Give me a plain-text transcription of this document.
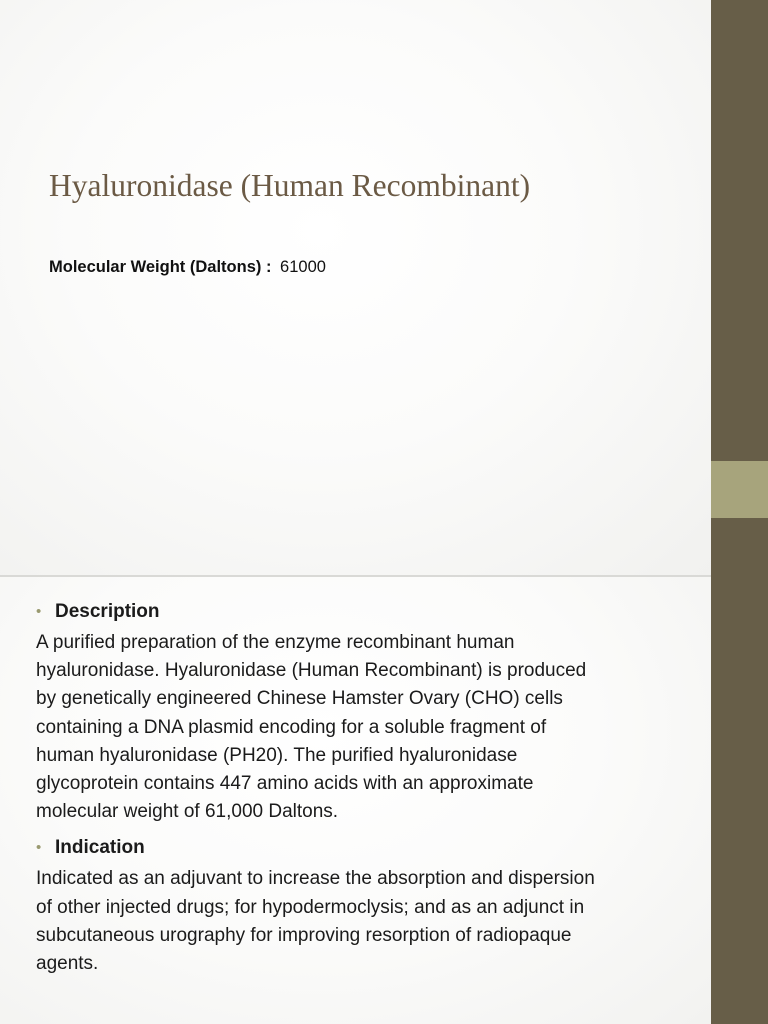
Hyaluronidase (Human Recombinant)
Molecular Weight (Daltons) : 61000
• Description
A purified preparation of the enzyme recombinant human
hyaluronidase. Hyaluronidase (Human Recombinant) is produced
by genetically engineered Chinese Hamster Ovary (CHO) cells
containing a DNA plasmid encoding for a soluble fragment of
human hyaluronidase (PH20). The purified hyaluronidase
glycoprotein contains 447 amino acids with an approximate
molecular weight of 61,000 Daltons.
• Indication
Indicated as an adjuvant to increase the absorption and dispersion
of other injected drugs; for hypodermoclysis; and as an adjunct in
subcutaneous urography for improving resorption of radiopaque
agents.
